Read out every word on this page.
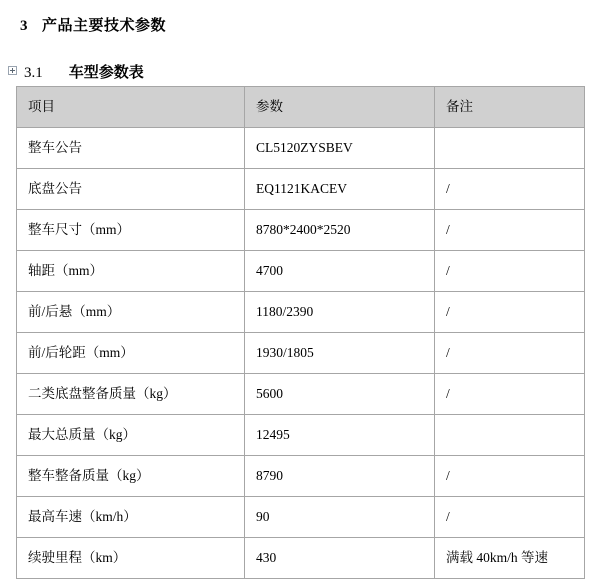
3 产品主要技术参数
3.1 车型参数表
项目	参数	备注
整车公告	CL5120ZYSBEV	
底盘公告	EQ1121KACEV	/
整车尺寸（mm）	8780*2400*2520	/
轴距（mm）	4700	/
前/后悬（mm）	1180/2390	/
前/后轮距（mm）	1930/1805	/
二类底盘整备质量（kg）	5600	/
最大总质量（kg）	12495	
整车整备质量（kg）	8790	/
最高车速（km/h）	90	/
续驶里程（km）	430	满载 40km/h 等速
